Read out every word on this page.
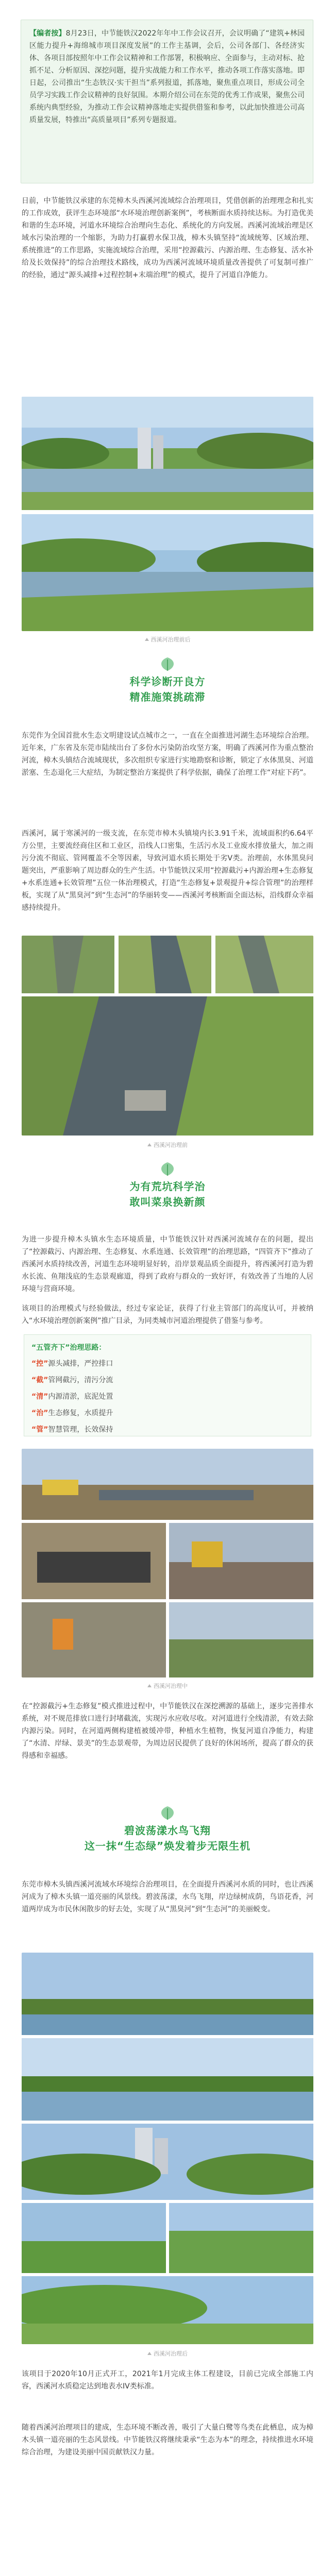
【编者按】8月23日，中节能铁汉2022年年中工作会议召开，会议明确了“建筑+林园区能力提升+海绵城市项目深度发展”的工作主基调，会后，公司各部门、各经济实体、各项目部按照年中工作会议精神和工作部署，积极响应、全面参与，主动对标、抢抓不足、分析原因、深挖问题，提升实战能力和工作水平，推动各项工作落实落地。即日起，公司推出“生态铁汉·实干担当”系列报道，抓落地，聚焦重点项目，形成公司全员学习实践工作会议精神的良好氛围。本期介绍公司在东莞的优秀工作成果，聚焦公司系统内典型经验，为推动工作会议精神落地走实提供借鉴和参考，以此加快推进公司高质量发展，特推出“高质量项目”系列专题报道。

日前，中节能铁汉承建的东莞樟木头西溪河流域综合治理项目，凭借创新的治理理念和扎实的工作成效，获评生态环境部“水环境治理创新案例”，考核断面水质持续达标。为打造优美和谐的生态环境，河道水环境综合治理向生态化、系统化的方向发展。西溪河流域治理是区域水污染治理的一个缩影，为助力打赢碧水保卫战，樟木头镇坚持“流域统筹、区域治理、系统推进”的工作思路，实施流域综合治理，采用“控源截污、内源治理、生态修复、活水补给及长效保持”的综合治理技术路线，成功为西溪河流域环境质量改善提供了可复制可推广的经验，通过“源头减排+过程控制+末端治理”的模式，提升了河道自净能力。

西溪河治理前后
科学诊断开良方
精准施策挑疏滞

东莞作为全国首批水生态文明建设试点城市之一，一直在全面推进河湖生态环境综合治理。近年来，广东省及东莞市陆续出台了多份水污染防治攻坚方案，明确了西溪河作为重点整治河流，樟木头镇结合流域现状，多次组织专家进行实地勘察和诊断，锁定了水体黑臭、河道淤塞、生态退化三大症结，为制定整治方案提供了科学依据，确保了治理工作“对症下药”。

西溪河，属于寒溪河的一级支流，在东莞市樟木头镇境内长3.91千米，流域面积约6.64平方公里，主要流经商住区和工业区，沿线人口密集，生活污水及工业废水排放量大，加之雨污分流不彻底、管网覆盖不全等因素，导致河道水质长期处于劣V类。治理前，水体黑臭问题突出，严重影响了周边群众的生产生活。中节能铁汉采用“控源截污+内源治理+生态修复+水系连通+长效管理”五位一体治理模式，打造“生态修复+景观提升+综合管理”的治理样板，实现了从“黑臭河”到“生态河”的华丽转变——西溪河考核断面全面达标，沿线群众幸福感持续提升。

西溪河治理前
为有荒坑科学治
敢叫菜泉换新颜

为进一步提升樟木头镇水生态环境质量，中节能铁汉针对西溪河流域存在的问题，提出了“控源截污、内源治理、生态修复、水系连通、长效管理”的治理思路，“四管齐下”推动了西溪河水质持续改善，河道生态环境明显好转，沿岸景观品质全面提升，将西溪河打造为碧水长流、鱼翔浅底的生态景观廊道，得到了政府与群众的一致好评，有效改善了当地的人居环境与营商环境。

该项目的治理模式与经验做法，经过专家论证，获得了行业主管部门的高度认可，并被纳入“水环境治理创新案例”推广目录，为同类城市河道治理提供了借鉴与参考。

“五管齐下”治理思路：
“控”源头减排，严控排口
“截”管网截污，清污分流
“清”内源清淤，底泥处置
“治”生态修复，水质提升
“管”智慧管理，长效保持
西溪河治理中

在“控源截污+生态修复”模式推进过程中，中节能铁汉在深挖溯源的基础上，逐步完善排水系统，对不规范排放口进行封堵截流，实现污水应收尽收。对河道进行全线清淤，有效去除内源污染。同时，在河道两侧构建植被缓冲带，种植水生植物，恢复河道自净能力，构建了“水清、岸绿、景美”的生态景观带，为周边居民提供了良好的休闲场所，提高了群众的获得感和幸福感。

碧波荡漾水鸟飞翔
这一抹“生态绿”焕发着步无限生机

东莞市樟木头镇西溪河流域水环境综合治理项目，在全面提升西溪河水质的同时，也让西溪河成为了樟木头镇一道亮丽的风景线。碧波荡漾，水鸟飞翔，岸边绿树成荫，鸟语花香，河道两岸成为市民休闲散步的好去处，实现了从“黑臭河”到“生态河”的美丽蜕变。

西溪河治理后

该项目于2020年10月正式开工，2021年1月完成主体工程建设，目前已完成全部施工内容，西溪河水质稳定达到地表水IV类标准。

随着西溪河治理项目的建成，生态环境不断改善，吸引了大量白鹭等鸟类在此栖息，成为樟木头镇一道亮丽的生态风景线。中节能铁汉将继续秉承“生态为本”的理念，持续推进水环境综合治理，为建设美丽中国贡献铁汉力量。
